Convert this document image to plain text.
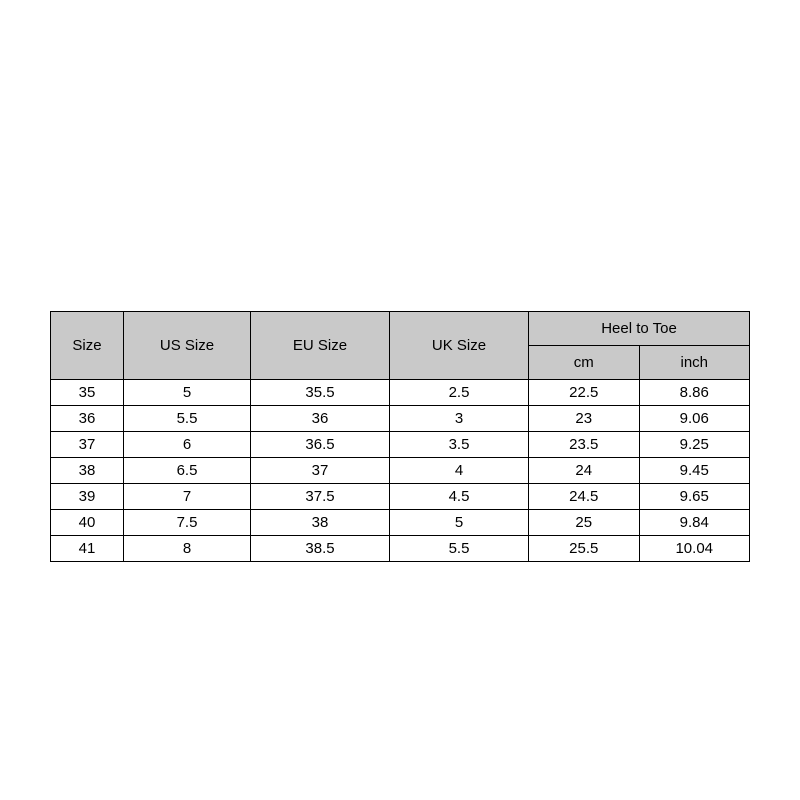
Size	US Size	EU Size	UK Size	Heel to Toe	
				cm	inch
35	5	35.5	2.5	22.5	8.86
36	5.5	36	3	23	9.06
37	6	36.5	3.5	23.5	9.25
38	6.5	37	4	24	9.45
39	7	37.5	4.5	24.5	9.65
40	7.5	38	5	25	9.84
41	8	38.5	5.5	25.5	10.04
